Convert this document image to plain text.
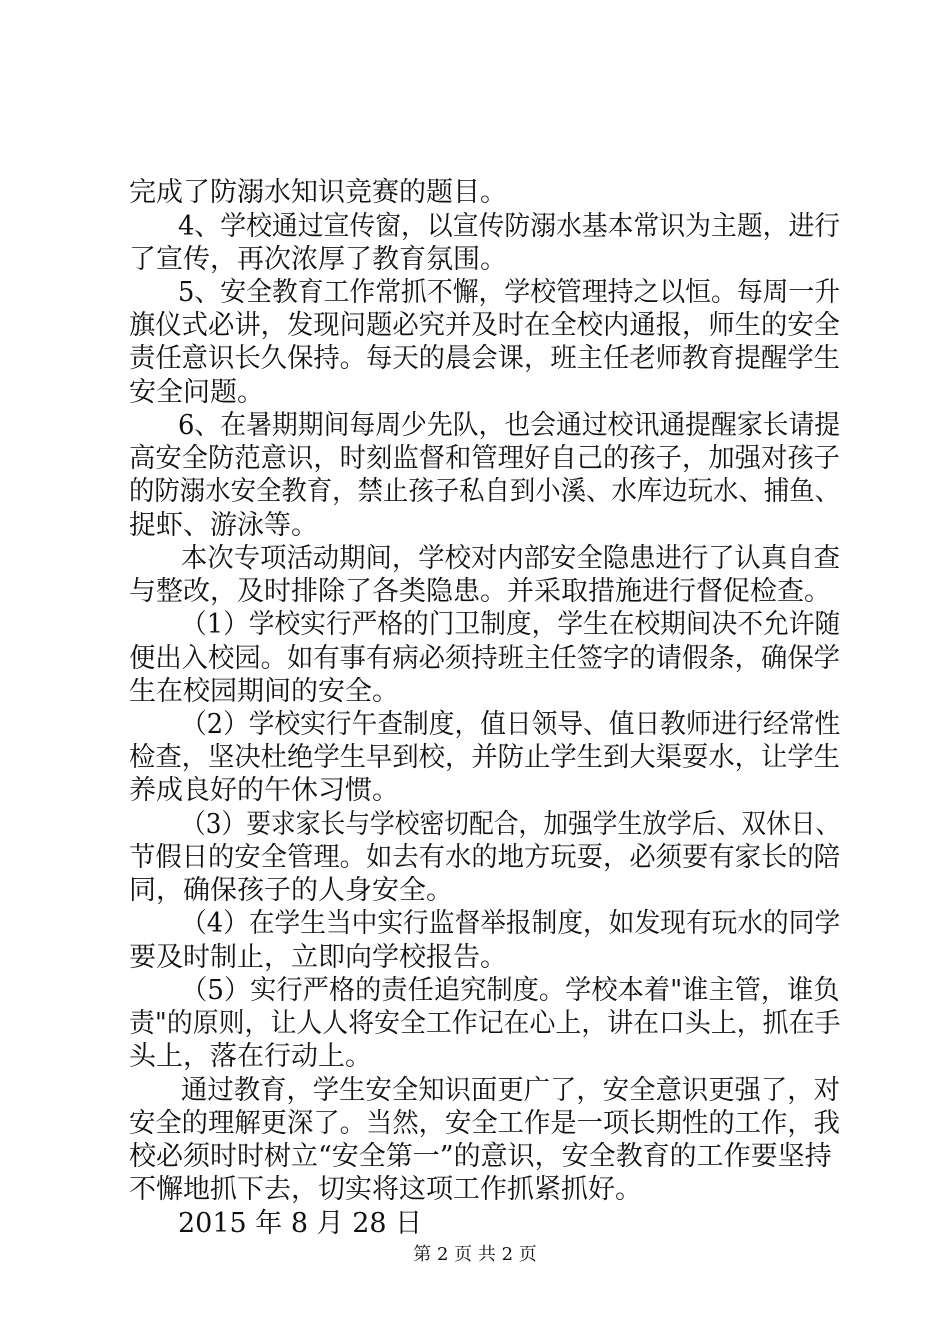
完成了防溺水知识竞赛的题目。
4、学校通过宣传窗，以宣传防溺水基本常识为主题，进行
了宣传，再次浓厚了教育氛围。
5、安全教育工作常抓不懈，学校管理持之以恒。每周一升
旗仪式必讲，发现问题必究并及时在全校内通报，师生的安全
责任意识长久保持。每天的晨会课，班主任老师教育提醒学生
安全问题。
6、在暑期期间每周少先队，也会通过校讯通提醒家长请提
高安全防范意识，时刻监督和管理好自己的孩子，加强对孩子
的防溺水安全教育，禁止孩子私自到小溪、水库边玩水、捕鱼、
捉虾、游泳等。
本次专项活动期间，学校对内部安全隐患进行了认真自查
与整改，及时排除了各类隐患。并采取措施进行督促检查。
（1）学校实行严格的门卫制度，学生在校期间决不允许随
便出入校园。如有事有病必须持班主任签字的请假条，确保学
生在校园期间的安全。
（2）学校实行午查制度，值日领导、值日教师进行经常性
检查，坚决杜绝学生早到校，并防止学生到大渠耍水，让学生
养成良好的午休习惯。
（3）要求家长与学校密切配合，加强学生放学后、双休日、
节假日的安全管理。如去有水的地方玩耍，必须要有家长的陪
同，确保孩子的人身安全。
（4）在学生当中实行监督举报制度，如发现有玩水的同学
要及时制止，立即向学校报告。
（5）实行严格的责任追究制度。学校本着"谁主管，谁负
责"的原则，让人人将安全工作记在心上，讲在口头上，抓在手
头上，落在行动上。
通过教育，学生安全知识面更广了，安全意识更强了，对
安全的理解更深了。当然，安全工作是一项长期性的工作，我
校必须时时树立“安全第一”的意识，安全教育的工作要坚持
不懈地抓下去，切实将这项工作抓紧抓好。
2015 年 8 月 28 日
第 2 页 共 2 页
